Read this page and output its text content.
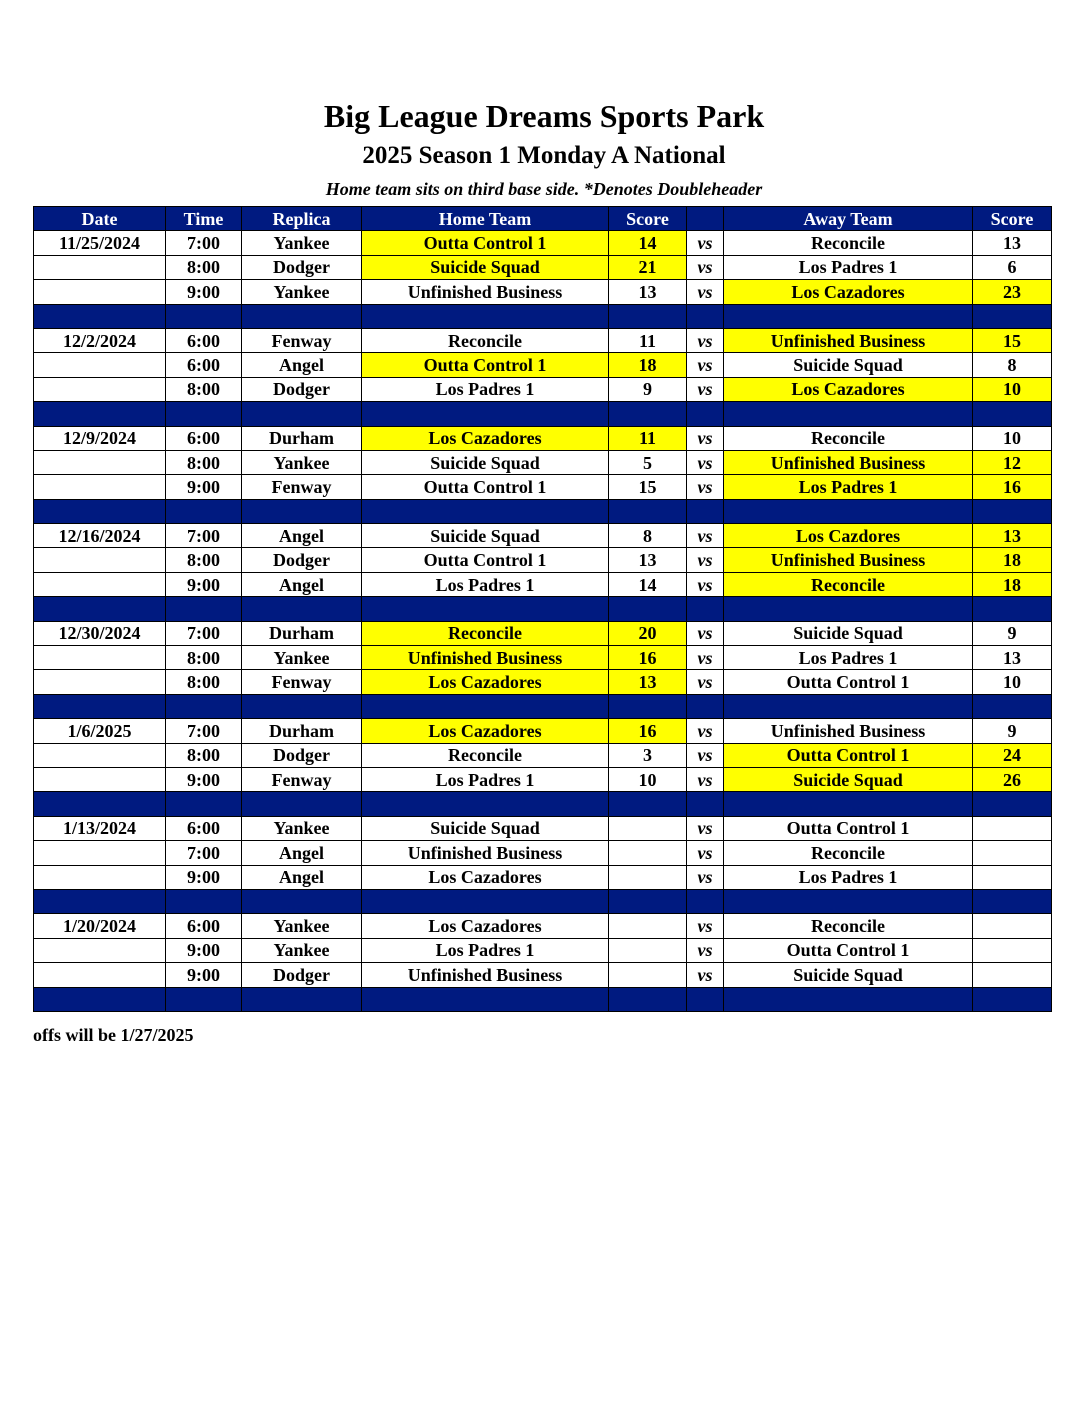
Big League Dreams Sports Park
2025 Season 1 Monday A National
Home team sits on third base side. *Denotes Doubleheader
Date	Time	Replica	Home Team	Score		Away Team	Score
11/25/2024	7:00	Yankee	Outta Control 1	14	vs	Reconcile	13
	8:00	Dodger	Suicide Squad	21	vs	Los Padres 1	6
	9:00	Yankee	Unfinished Business	13	vs	Los Cazadores	23

12/2/2024	6:00	Fenway	Reconcile	11	vs	Unfinished Business	15
	6:00	Angel	Outta Control 1	18	vs	Suicide Squad	8
	8:00	Dodger	Los Padres 1	9	vs	Los Cazadores	10

12/9/2024	6:00	Durham	Los Cazadores	11	vs	Reconcile	10
	8:00	Yankee	Suicide Squad	5	vs	Unfinished Business	12
	9:00	Fenway	Outta Control 1	15	vs	Los Padres 1	16

12/16/2024	7:00	Angel	Suicide Squad	8	vs	Los Cazdores	13
	8:00	Dodger	Outta Control 1	13	vs	Unfinished Business	18
	9:00	Angel	Los Padres 1	14	vs	Reconcile	18

12/30/2024	7:00	Durham	Reconcile	20	vs	Suicide Squad	9
	8:00	Yankee	Unfinished Business	16	vs	Los Padres 1	13
	8:00	Fenway	Los Cazadores	13	vs	Outta Control 1	10

1/6/2025	7:00	Durham	Los Cazadores	16	vs	Unfinished Business	9
	8:00	Dodger	Reconcile	3	vs	Outta Control 1	24
	9:00	Fenway	Los Padres 1	10	vs	Suicide Squad	26

1/13/2024	6:00	Yankee	Suicide Squad		vs	Outta Control 1	
	7:00	Angel	Unfinished Business		vs	Reconcile	
	9:00	Angel	Los Cazadores		vs	Los Padres 1	

1/20/2024	6:00	Yankee	Los Cazadores		vs	Reconcile	
	9:00	Yankee	Los Padres 1		vs	Outta Control 1	
	9:00	Dodger	Unfinished Business		vs	Suicide Squad	

offs will be 1/27/2025
